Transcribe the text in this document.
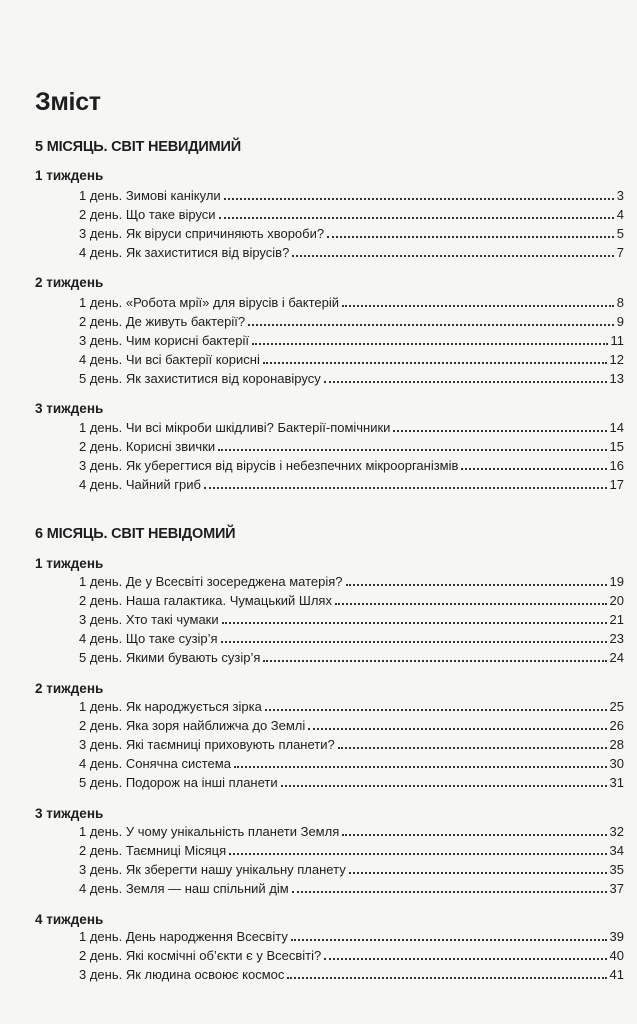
Зміст
5 МІСЯЦЬ. СВІТ НЕВИДИМИЙ
1 тиждень
1 день. Зимові канікули	3
2 день. Що таке віруси	4
3 день. Як віруси спричиняють хвороби?	5
4 день. Як захиститися від вірусів?	7
2 тиждень
1 день. «Робота мрії» для вірусів і бактерій	8
2 день. Де живуть бактерії?	9
3 день. Чим корисні бактерії	11
4 день. Чи всі бактерії корисні	12
5 день. Як захиститися від коронавірусу	13
3 тиждень
1 день. Чи всі мікроби шкідливі? Бактерії-помічники	14
2 день. Корисні звички	15
3 день. Як уберегтися від вірусів і небезпечних мікроорганізмів	16
4 день. Чайний гриб	17
6 МІСЯЦЬ. СВІТ НЕВІДОМИЙ
1 тиждень
1 день. Де у Всесвіті зосереджена матерія?	19
2 день. Наша галактика. Чумацький Шлях	20
3 день. Хто такі чумаки	21
4 день. Що таке сузір’я	23
5 день. Якими бувають сузір’я	24
2 тиждень
1 день. Як народжується зірка	25
2 день. Яка зоря найближча до Землі	26
3 день. Які таємниці приховують планети?	28
4 день. Сонячна система	30
5 день. Подорож на інші планети	31
3 тиждень
1 день. У чому унікальність планети Земля	32
2 день. Таємниці Місяця	34
3 день. Як зберегти нашу унікальну планету	35
4 день. Земля — наш спільний дім	37
4 тиждень
1 день. День народження Всесвіту	39
2 день. Які космічні об’єкти є у Всесвіті?	40
3 день. Як людина освоює космос	41
